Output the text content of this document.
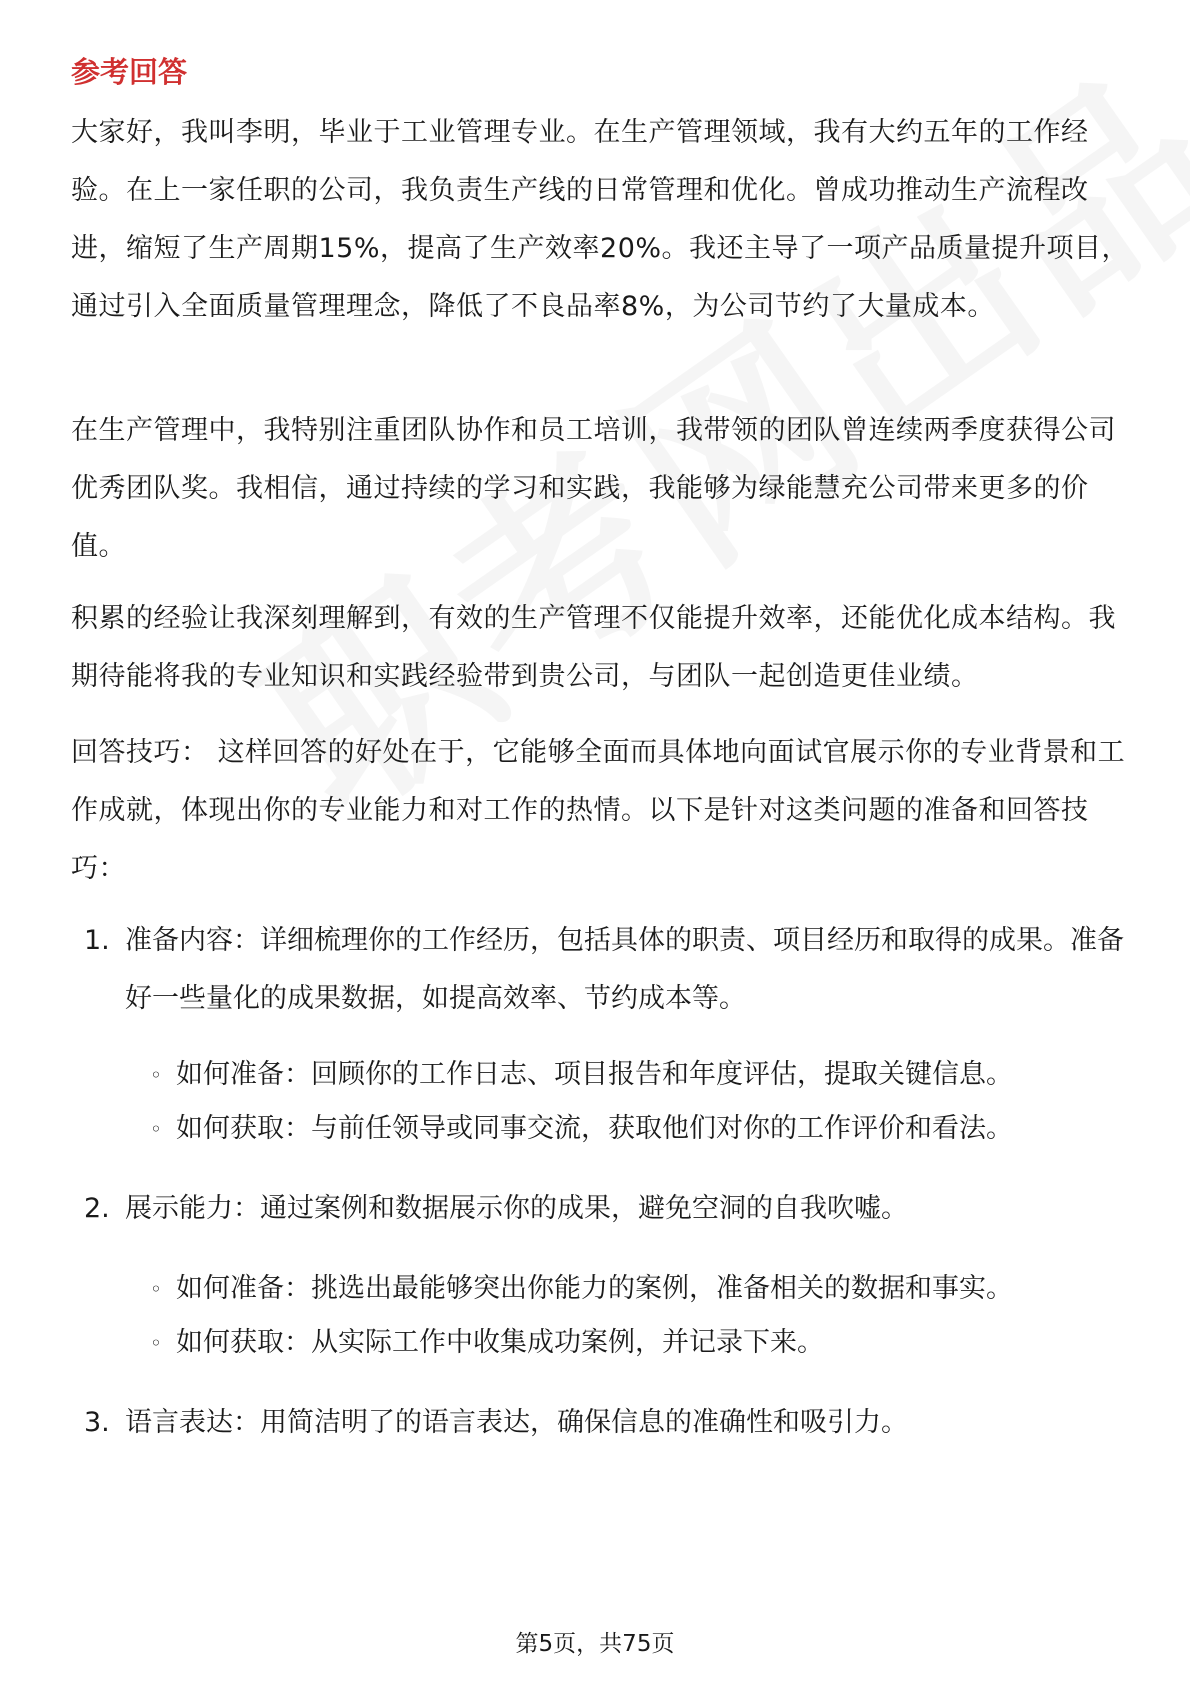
参考回答

大家好，我叫李明，毕业于工业管理专业。在生产管理领域，我有大约五年的工作经验。在上一家任职的公司，我负责生产线的日常管理和优化。曾成功推动生产流程改进，缩短了生产周期15%，提高了生产效率20%。我还主导了一项产品质量提升项目，通过引入全面质量管理理念，降低了不良品率8%，为公司节约了大量成本。

在生产管理中，我特别注重团队协作和员工培训，我带领的团队曾连续两季度获得公司优秀团队奖。我相信，通过持续的学习和实践，我能够为绿能慧充公司带来更多的价值。

积累的经验让我深刻理解到，有效的生产管理不仅能提升效率，还能优化成本结构。我期待能将我的专业知识和实践经验带到贵公司，与团队一起创造更佳业绩。

回答技巧： 这样回答的好处在于，它能够全面而具体地向面试官展示你的专业背景和工作成就，体现出你的专业能力和对工作的热情。以下是针对这类问题的准备和回答技巧：

1. 准备内容：详细梳理你的工作经历，包括具体的职责、项目经历和取得的成果。准备好一些量化的成果数据，如提高效率、节约成本等。
◦ 如何准备：回顾你的工作日志、项目报告和年度评估，提取关键信息。
◦ 如何获取：与前任领导或同事交流，获取他们对你的工作评价和看法。
2. 展示能力：通过案例和数据展示你的成果，避免空洞的自我吹嘘。
◦ 如何准备：挑选出最能够突出你能力的案例，准备相关的数据和事实。
◦ 如何获取：从实际工作中收集成功案例，并记录下来。
3. 语言表达：用简洁明了的语言表达，确保信息的准确性和吸引力。
第5页，共75页
